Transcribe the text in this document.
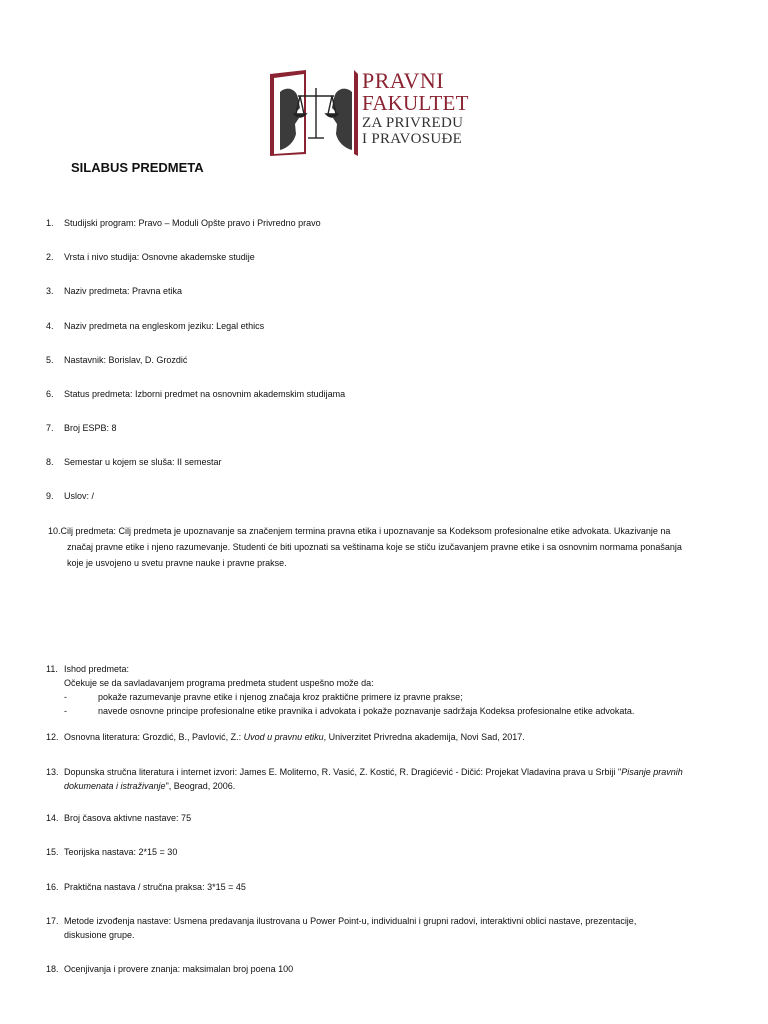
PRAVNI
FAKULTET
ZA PRIVREDU
I PRAVOSUĐE
SILABUS PREDMETA
1. Studijski program: Pravo – Moduli Opšte pravo i Privredno pravo
2. Vrsta i nivo studija: Osnovne akademske studije
3. Naziv predmeta: Pravna etika
4. Naziv predmeta na engleskom jeziku: Legal ethics
5. Nastavnik: Borislav, D. Grozdić
6. Status predmeta: Izborni predmet na osnovnim akademskim studijama
7. Broj ESPB: 8
8. Semestar u kojem se sluša: II semestar
9. Uslov: /
10.Cilj predmeta: Cilj predmeta je upoznavanje sa značenjem termina pravna etika i upoznavanje sa Kodeksom profesionalne etike advokata. Ukazivanje na
značaj pravne etike i njeno razumevanje. Studenti će biti upoznati sa veštinama koje se stiču izučavanjem pravne etike i sa osnovnim normama ponašanja
koje je usvojeno u svetu pravne nauke i pravne prakse.
11. Ishod predmeta:
Očekuje se da savladavanjem programa predmeta student uspešno može da:
-	pokaže razumevanje pravne etike i njenog značaja kroz praktične primere iz pravne prakse;
-	navede osnovne principe profesionalne etike pravnika i advokata i pokaže poznavanje sadržaja Kodeksa profesionalne etike advokata.
12. Osnovna literatura: Grozdić, B., Pavlović, Z.: Uvod u pravnu etiku, Univerzitet Privredna akademija, Novi Sad, 2017.
13. Dopunska stručna literatura i internet izvori: James E. Moliterno, R. Vasić, Z. Kostić, R. Dragićević - Dičić: Projekat Vladavina prava u Srbiji "Pisanje pravnih
dokumenata i istraživanje", Beograd, 2006.
14. Broj časova aktivne nastave: 75
15. Teorijska nastava: 2*15 = 30
16. Praktična nastava / stručna praksa: 3*15 = 45
17. Metode izvođenja nastave: Usmena predavanja ilustrovana u Power Point-u, individualni i grupni radovi, interaktivni oblici nastave, prezentacije,
diskusione grupe.
18. Ocenjivanja i provere znanja: maksimalan broj poena 100
